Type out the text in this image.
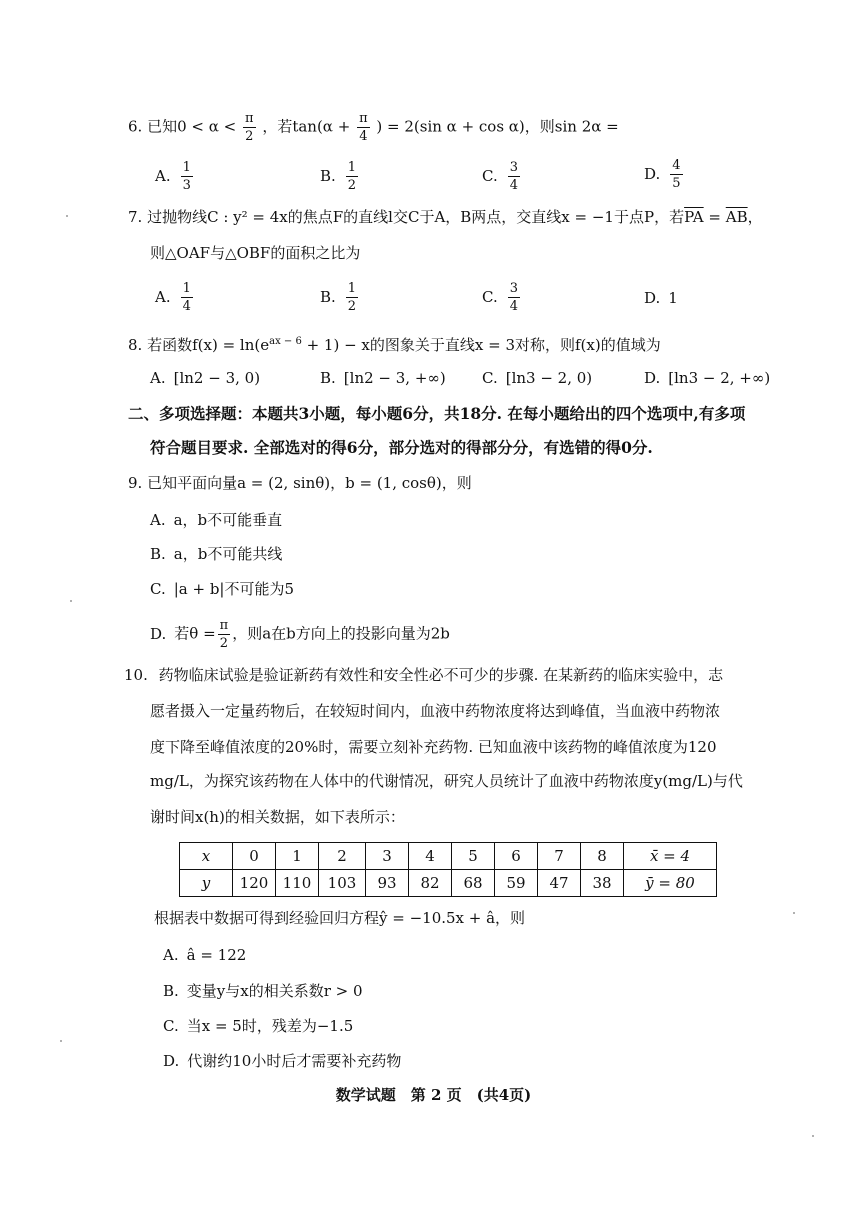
6. 已知$0 < \alpha < \frac{\pi}{2}$ ，若$\tan(\alpha + \frac{\pi}{4}$ ) = 2(sin α + cos α)，则sin 2α =
A. $\frac{1}{3}$	B. $\frac{1}{2}$	C. $\frac{3}{4}$	D. $\frac{4}{5}$
7. 过抛物线C : y² = 4x的焦点F的直线l交C于A，B两点，交直线x = −1于点P，若$\overline{PA} = \overline{AB}$，
则△OAF与△OBF的面积之比为
A. $\frac{1}{4}$	B. $\frac{1}{2}$	C. $\frac{3}{4}$	D. 1
8. 若函数$f(x) = \ln(e^{ax - 6} + 1) - x$的图象关于直线x = 3对称，则f(x)的值域为
A. [ln2 − 3, 0)	B. [ln2 − 3, +∞) C. [ln3 − 2, 0)	D. [ln3 − 2, +∞)
二、多项选择题：本题共3小题，每小题6分，共18分. 在每小题给出的四个选项中,有多项
符合题目要求. 全部选对的得6分，部分选对的得部分分，有选错的得0分.
9. 已知平面向量a = (2, sinθ)，b = (1, cosθ)，则
A. a，b不可能垂直
B. a，b不可能共线
C. |a + b|不可能为5
D. 若$\theta = \frac{\pi}{2}$ ，则a在b方向上的投影向量为2b
10. 药物临床试验是验证新药有效性和安全性必不可少的步骤. 在某新药的临床实验中，志
愿者摄入一定量药物后，在较短时间内，血液中药物浓度将达到峰值，当血液中药物浓
度下降至峰值浓度的20%时，需要立刻补充药物. 已知血液中该药物的峰值浓度为120
mg/L，为探究该药物在人体中的代谢情况，研究人员统计了血液中药物浓度y(mg/L)与代
谢时间x(h)的相关数据，如下表所示：
x	0	1	2	3	4	5	6	7	8	x̄ = 4
y	120	110	103	93	82	68	59	47	38	ȳ = 80
根据表中数据可得到经验回归方程ŷ = −10.5x + â，则
A. â = 122
B. 变量y与x的相关系数r > 0
C. 当x = 5时，残差为−1.5
D. 代谢约10小时后才需要补充药物
数学试题　第 2 页　(共4页)
